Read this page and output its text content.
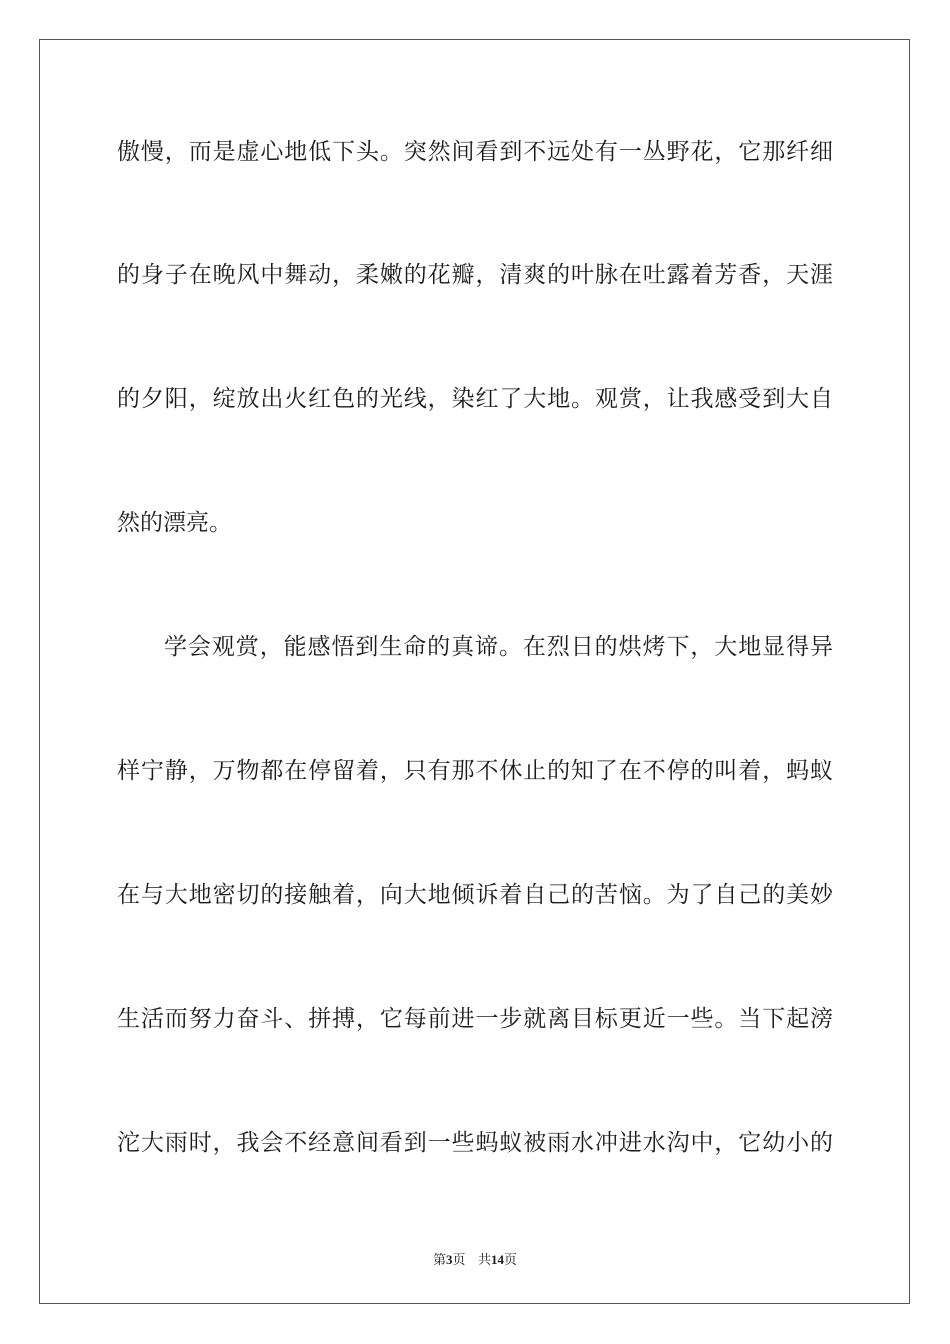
傲慢，而是虚心地低下头。突然间看到不远处有一丛野花，它那纤细
的身子在晚风中舞动，柔嫩的花瓣，清爽的叶脉在吐露着芳香，天涯
的夕阳，绽放出火红色的光线，染红了大地。观赏，让我感受到大自
然的漂亮。
学会观赏，能感悟到生命的真谛。在烈日的烘烤下，大地显得异
样宁静，万物都在停留着，只有那不休止的知了在不停的叫着，蚂蚁
在与大地密切的接触着，向大地倾诉着自己的苦恼。为了自己的美妙
生活而努力奋斗、拼搏，它每前进一步就离目标更近一些。当下起滂
沱大雨时，我会不经意间看到一些蚂蚁被雨水冲进水沟中，它幼小的
第3页 共14页
